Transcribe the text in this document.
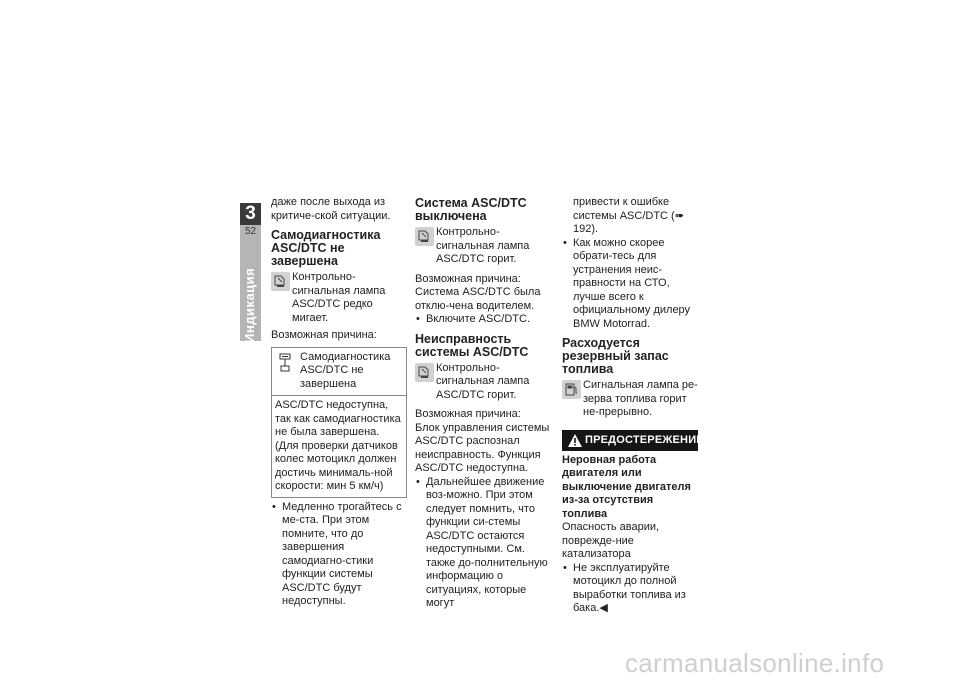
3
52
Индикация

даже после выхода из критиче-ской ситуации.

Самодиагностика ASC/DTC не завершена

Контрольно-сигнальная лампа ASC/DTC редко мигает.

Возможная причина:

Самодиагностика ASC/DTC не завершена
ASC/DTC недоступна, так как самодиагностика не была завершена. (Для проверки датчиков колес мотоцикл должен достичь минималь-ной скорости: мин 5 км/ч)
• Медленно трогайтесь с ме-ста. При этом помните, что до завершения самодиагно-стики функции системы ASC/DTC будут недоступны.
Система ASC/DTC выключена

Контрольно-сигнальная лампа ASC/DTC горит.

Возможная причина:

Система ASC/DTC была отклю-чена водителем.

• Включите ASC/DTC.
Неисправность системы ASC/DTC

Контрольно-сигнальная лампа ASC/DTC горит.

Возможная причина:

Блок управления системы ASC/DTC распознал неисправность. Функция ASC/DTC недоступна.

• Дальнейшее движение воз-можно. При этом следует помнить, что функции си-стемы ASC/DTC остаются недоступными. См. также до-полнительную информацию о ситуациях, которые могут

привести к ошибке системы ASC/DTC (➠ 192).

• Как можно скорее обрати-тесь для устранения неис-правности на СТО, лучше всего к официальному дилеру BMW Motorrad.
Расходуется резервный запас топлива

Сигнальная лампа ре-зерва топлива горит не-прерывно.

ПРЕДОСТЕРЕЖЕНИЕ

Неровная работа двигателя или выключение двигателя из-за отсутствия топлива

Опасность аварии, поврежде-ние катализатора

• Не эксплуатируйте мотоцикл до полной выработки топлива из бака.◀
carmanualsonline.info
